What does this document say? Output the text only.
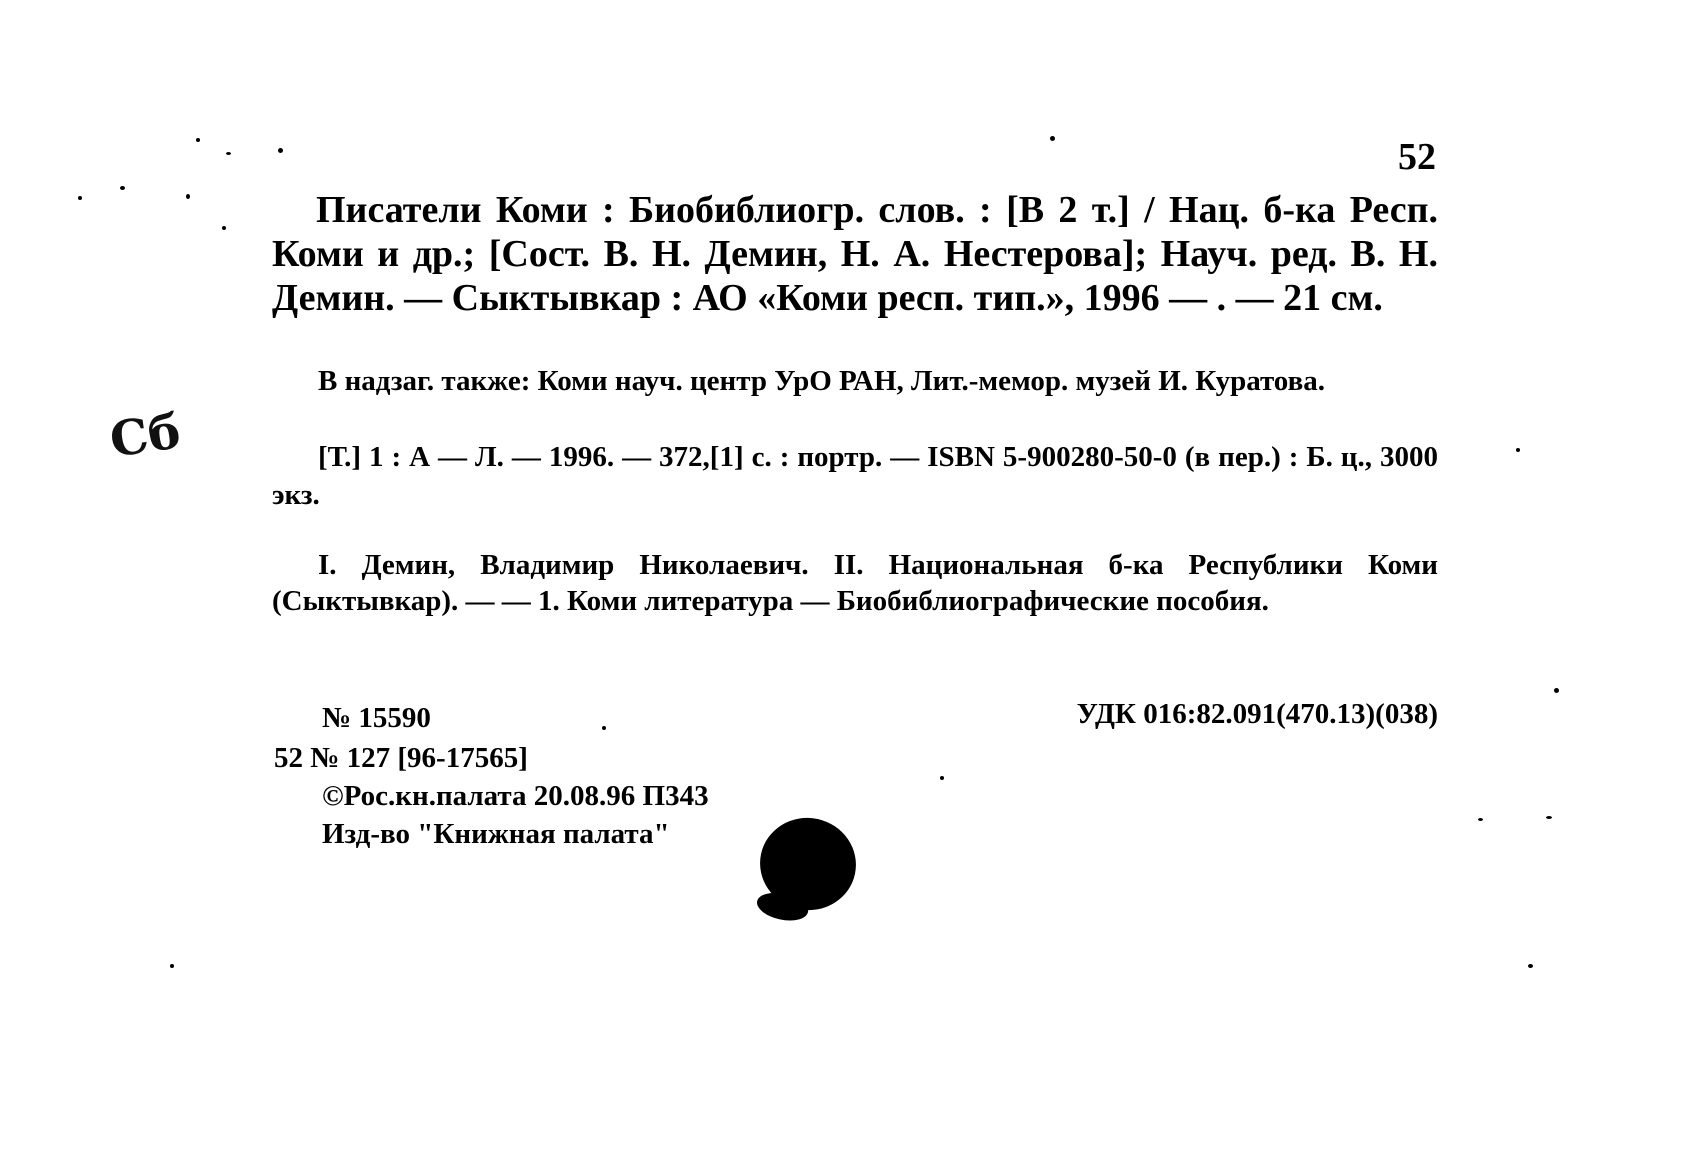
52
Писатели Коми : Биобиблиогр. слов. : [В 2 т.] / Нац. б-ка Респ. Коми и др.; [Сост. В. Н. Демин, Н. А. Нестерова]; Науч. ред. В. Н. Демин. — Сыктывкар : АО «Коми респ. тип.», 1996 — . — 21 см.
В надзаг. также: Коми науч. центр УрО РАН, Лит.-мемор. музей И. Куратова.
[Т.] 1 : А — Л. — 1996. — 372,[1] с. : портр. — ISBN 5-900280-50-0 (в пер.) : Б. ц., 3000 экз.
I. Демин, Владимир Николаевич. II. Национальная б-ка Республики Коми (Сыктывкар). — — 1. Коми литература — Биобиблиографические пособия.
№ 15590	УДК 016:82.091(470.13)(038)
52 № 127 [96-17565]
©Рос.кн.палата 20.08.96 П343
Изд-во "Книжная палата"
Сб
